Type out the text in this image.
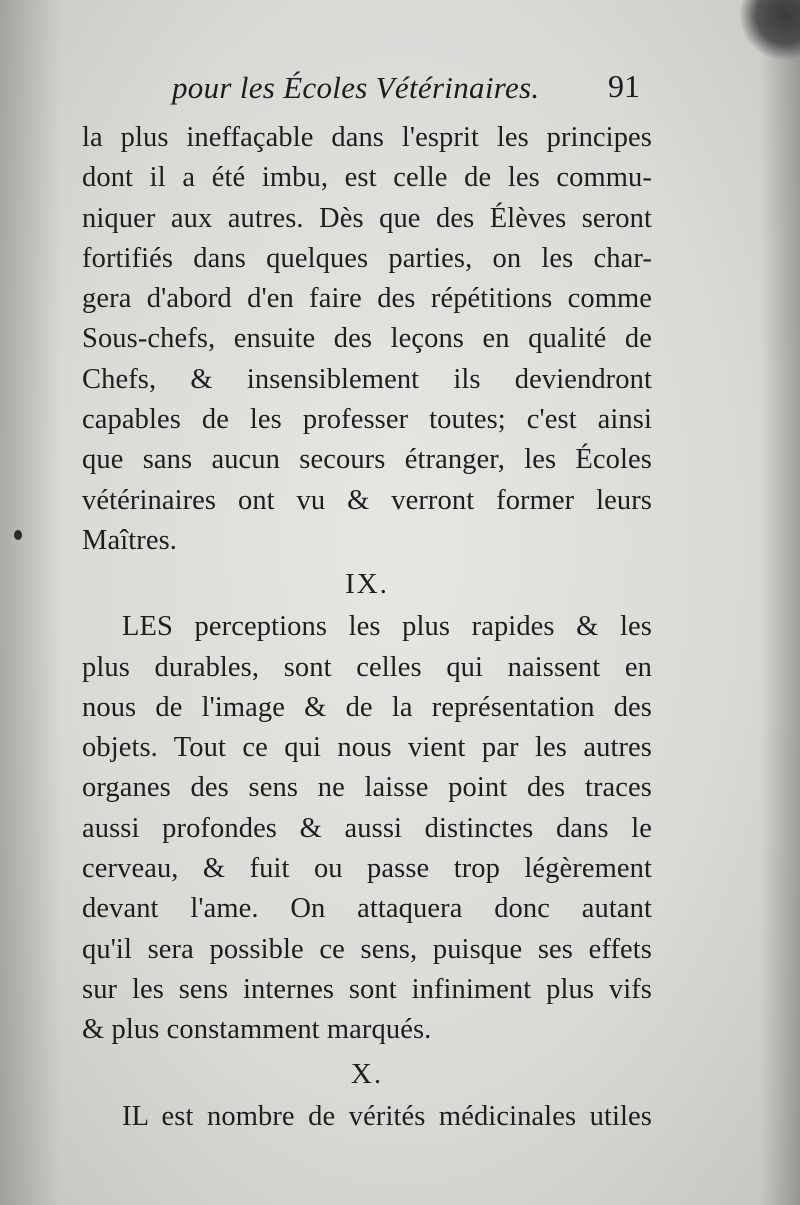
pour les Écoles Vétérinaires. 91
la plus ineffaçable dans l'esprit les principes
dont il a été imbu, est celle de les commu-
niquer aux autres. Dès que des Élèves seront
fortifiés dans quelques parties, on les char-
gera d'abord d'en faire des répétitions comme
Sous-chefs, ensuite des leçons en qualité de
Chefs, & insensiblement ils deviendront
capables de les professer toutes; c'est ainsi
que sans aucun secours étranger, les Écoles
vétérinaires ont vu & verront former leurs
Maîtres.
IX.
LES perceptions les plus rapides & les
plus durables, sont celles qui naissent en
nous de l'image & de la représentation des
objets. Tout ce qui nous vient par les autres
organes des sens ne laisse point des traces
aussi profondes & aussi distinctes dans le
cerveau, & fuit ou passe trop légèrement
devant l'ame. On attaquera donc autant
qu'il sera possible ce sens, puisque ses effets
sur les sens internes sont infiniment plus vifs
& plus constamment marqués.
X.
IL est nombre de vérités médicinales utiles
